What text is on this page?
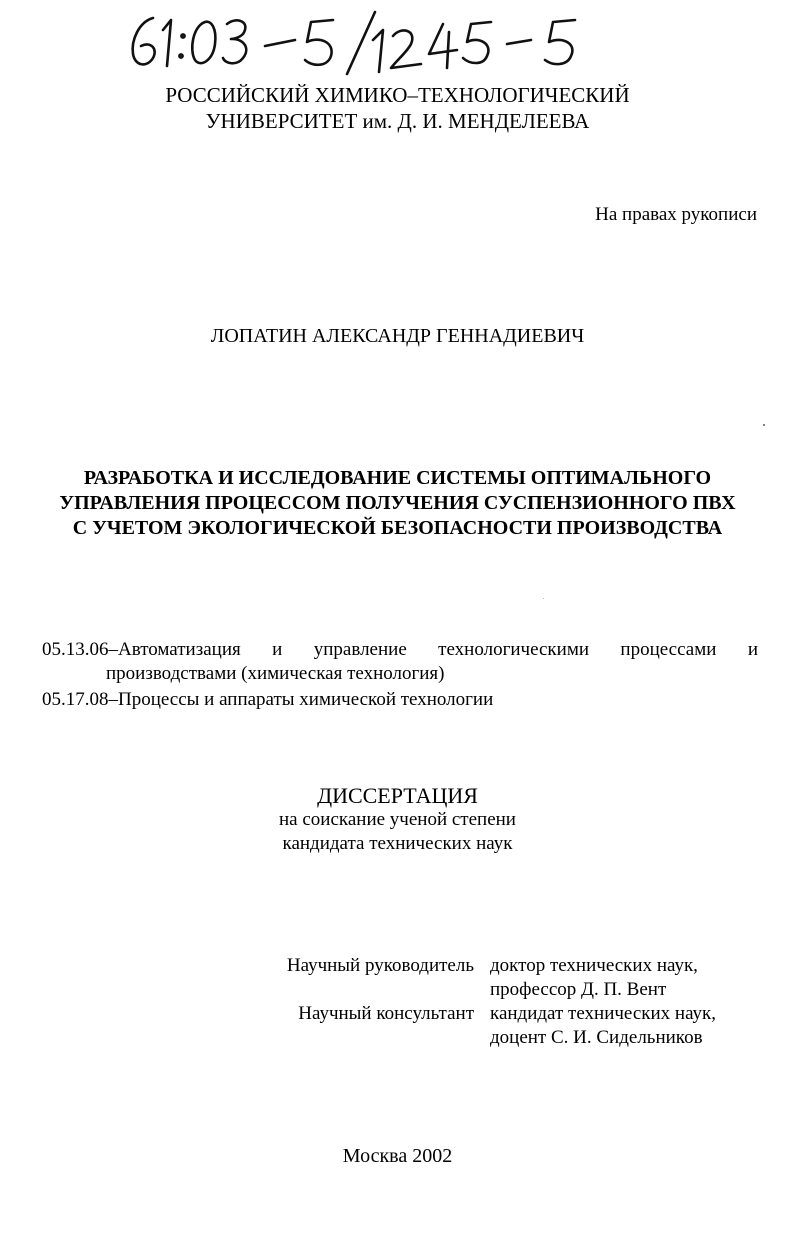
РОССИЙСКИЙ ХИМИКО–ТЕХНОЛОГИЧЕСКИЙ
УНИВЕРСИТЕТ им. Д. И. МЕНДЕЛЕЕВА
На правах рукописи
ЛОПАТИН АЛЕКСАНДР ГЕННАДИЕВИЧ
РАЗРАБОТКА И ИССЛЕДОВАНИЕ СИСТЕМЫ ОПТИМАЛЬНОГО
УПРАВЛЕНИЯ ПРОЦЕССОМ ПОЛУЧЕНИЯ СУСПЕНЗИОННОГО ПВХ
С УЧЕТОМ ЭКОЛОГИЧЕСКОЙ БЕЗОПАСНОСТИ ПРОИЗВОДСТВА
05.13.06–Автоматизация и управление технологическими процессами и
производствами (химическая технология)
05.17.08–Процессы и аппараты химической технологии
ДИССЕРТАЦИЯ
на соискание ученой степени
кандидата технических наук
Научный руководитель доктор технических наук,
профессор Д. П. Вент
Научный консультант кандидат технических наук,
доцент С. И. Сидельников
Москва 2002
